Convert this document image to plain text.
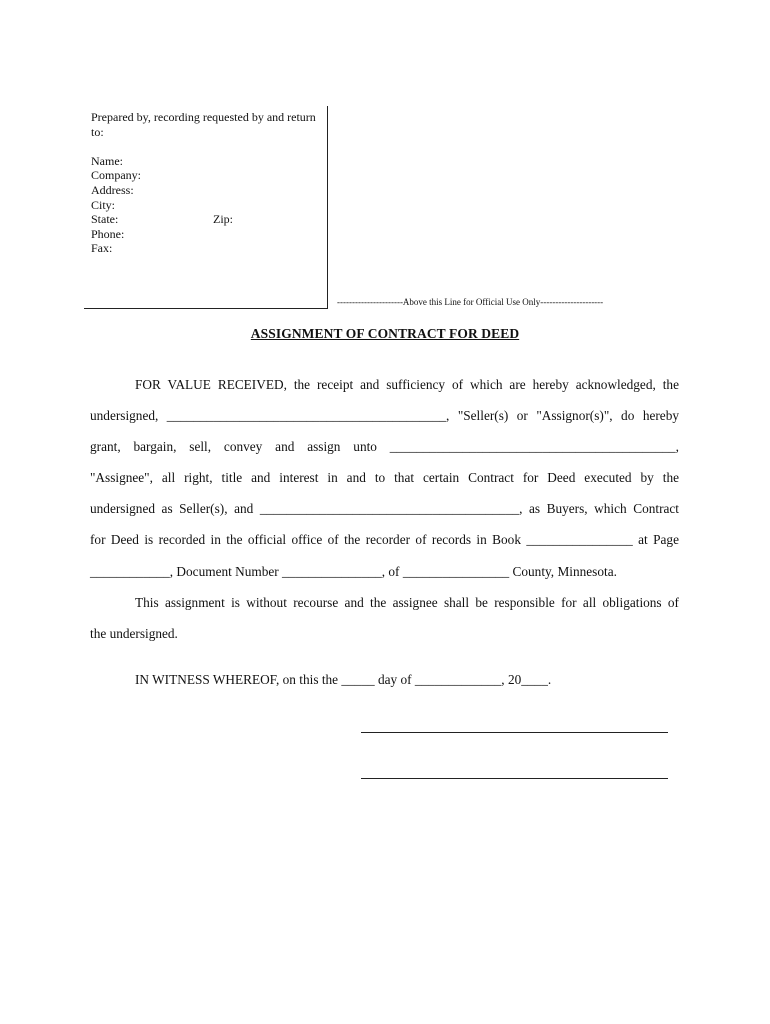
Prepared by, recording requested by and return to:
Name:
Company:
Address:
City:
State:	Zip:
Phone:
Fax:
----------------------Above this Line for Official Use Only---------------------
ASSIGNMENT OF CONTRACT FOR DEED
FOR VALUE RECEIVED, the receipt and sufficiency of which are hereby acknowledged, the
undersigned, __________________________________________, "Seller(s) or "Assignor(s)", do hereby
grant, bargain, sell, convey and assign unto ___________________________________________,
"Assignee", all right, title and interest in and to that certain Contract for Deed executed by the
undersigned as Seller(s), and _______________________________________, as Buyers, which Contract
for Deed is recorded in the official office of the recorder of records in Book ________________ at Page
____________, Document Number _______________, of ________________ County, Minnesota.
This assignment is without recourse and the assignee shall be responsible for all obligations of
the undersigned.
IN WITNESS WHEREOF, on this the _____ day of _____________, 20____.
